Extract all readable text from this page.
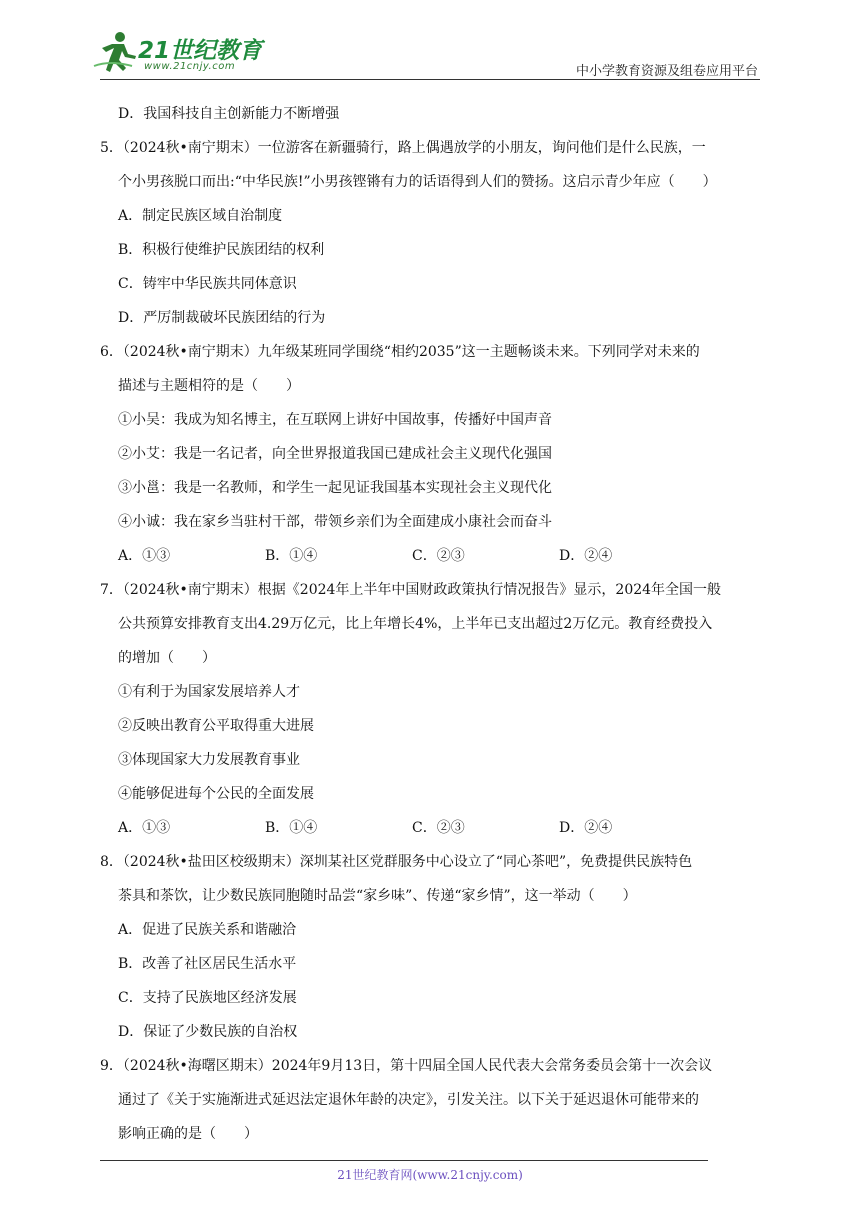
21世纪教育
www.21cnjy.com	中小学教育资源及组卷应用平台
D．我国科技自主创新能力不断增强
5．（2024秋•南宁期末）一位游客在新疆骑行，路上偶遇放学的小朋友，询问他们是什么民族，一
个小男孩脱口而出:“中华民族!”小男孩铿锵有力的话语得到人们的赞扬。这启示青少年应（　　）
A．制定民族区域自治制度
B．积极行使维护民族团结的权利
C．铸牢中华民族共同体意识
D．严厉制裁破坏民族团结的行为
6．（2024秋•南宁期末）九年级某班同学围绕“相约2035”这一主题畅谈未来。下列同学对未来的
描述与主题相符的是（　　）
①小吴：我成为知名博主，在互联网上讲好中国故事，传播好中国声音
②小艾：我是一名记者，向全世界报道我国已建成社会主义现代化强国
③小邕：我是一名教师，和学生一起见证我国基本实现社会主义现代化
④小诚：我在家乡当驻村干部，带领乡亲们为全面建成小康社会而奋斗
A．①③	B．①④	C．②③	D．②④
7．（2024秋•南宁期末）根据《2024年上半年中国财政政策执行情况报告》显示，2024年全国一般
公共预算安排教育支出4.29万亿元，比上年增长4%，上半年已支出超过2万亿元。教育经费投入
的增加（　　）
①有利于为国家发展培养人才
②反映出教育公平取得重大进展
③体现国家大力发展教育事业
④能够促进每个公民的全面发展
A．①③	B．①④	C．②③	D．②④
8．（2024秋•盐田区校级期末）深圳某社区党群服务中心设立了“同心茶吧”，免费提供民族特色
茶具和茶饮，让少数民族同胞随时品尝“家乡味”、传递“家乡情”，这一举动（　　）
A．促进了民族关系和谐融洽
B．改善了社区居民生活水平
C．支持了民族地区经济发展
D．保证了少数民族的自治权
9．（2024秋•海曙区期末）2024年9月13日，第十四届全国人民代表大会常务委员会第十一次会议
通过了《关于实施渐进式延迟法定退休年龄的决定》，引发关注。以下关于延迟退休可能带来的
影响正确的是（　　）
21世纪教育网(www.21cnjy.com)
